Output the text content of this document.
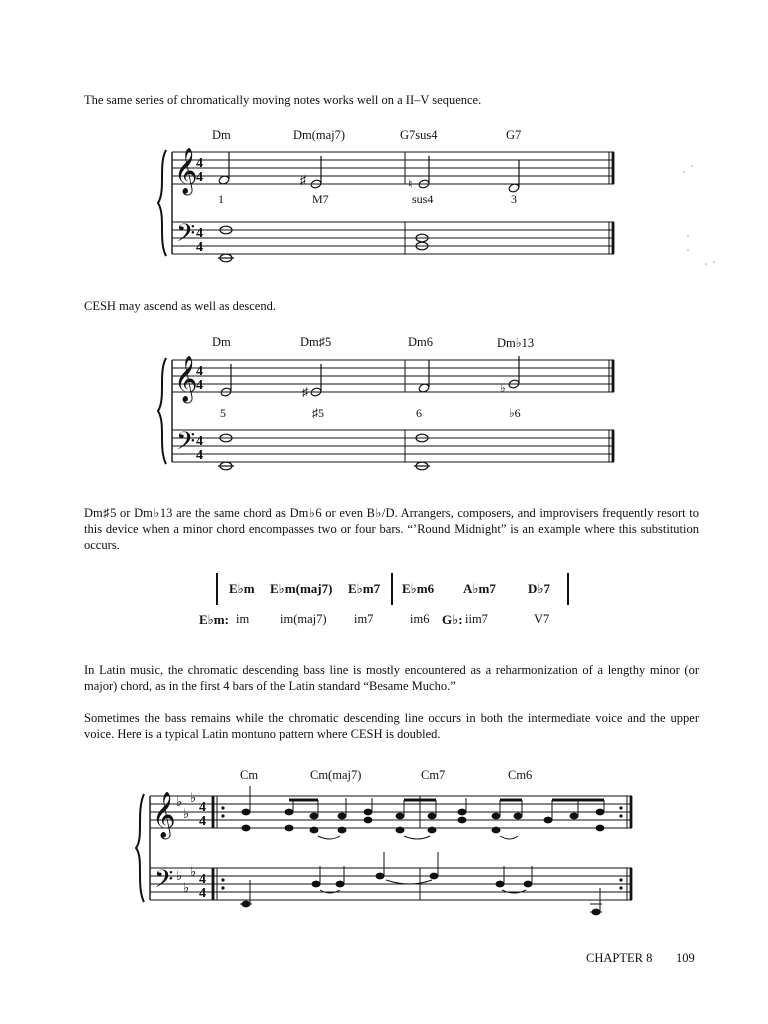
The same series of chromatically moving notes works well on a II–V sequence.
Dm	Dm(maj7)	G7sus4	G7
1	M7	sus4	3
CESH may ascend as well as descend.
Dm	Dm♯5	Dm6	Dm♭13
5	♯5	6	♭6
Dm♯5 or Dm♭13 are the same chord as Dm♭6 or even B♭/D. Arrangers, composers, and improvisers frequently resort to this device when a minor chord encompasses two or four bars. “’Round Midnight” is an example where this substitution occurs.
E♭m E♭m(maj7) E♭m7 E♭m6 A♭m7 D♭7
E♭m: im im(maj7) im7	im6 G♭: iim7	V7
In Latin music, the chromatic descending bass line is mostly encountered as a reharmonization of a lengthy minor (or major) chord, as in the first 4 bars of the Latin standard “Besame Mucho.”
Sometimes the bass remains while the chromatic descending line occurs in both the intermediate voice and the upper voice. Here is a typical Latin montuno pattern where CESH is doubled.
Cm	Cm(maj7)	Cm7	Cm6
𝄞
𝄢
4
4
4
4
♯	♮
♯	♭
𝄞
𝄢
4
4
4
4
𝄞
𝄢
♭
♭
♭
♭
♭
♭
4
4
4
4
CHAPTER 8 109
